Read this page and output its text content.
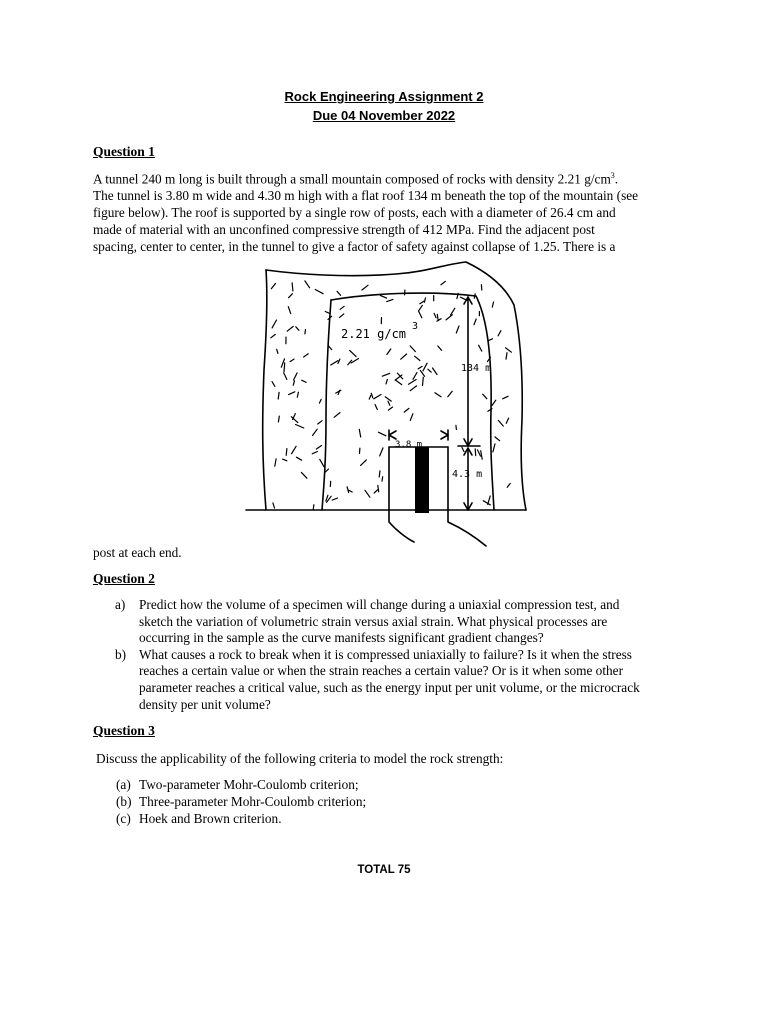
Rock Engineering Assignment 2
Due 04 November 2022
Question 1
A tunnel 240 m long is built through a small mountain composed of rocks with density 2.21 $g/cm^3$.
The tunnel is 3.80 m wide and 4.30 m high with a flat roof 134 m beneath the top of the mountain (see
figure below). The roof is supported by a single row of posts, each with a diameter of 26.4 cm and
made of material with an unconfined compressive strength of 412 MPa. Find the adjacent post
spacing, center to center, in the tunnel to give a factor of safety against collapse of 1.25. There is a
2.21 g/cm
3
134 m
3.8 m
4.3 m
post at each end.
Question 2
a) Predict how the volume of a specimen will change during a uniaxial compression test, and
sketch the variation of volumetric strain versus axial strain. What physical processes are
occurring in the sample as the curve manifests significant gradient changes?
b) What causes a rock to break when it is compressed uniaxially to failure? Is it when the stress
reaches a certain value or when the strain reaches a certain value? Or is it when some other
parameter reaches a critical value, such as the energy input per unit volume, or the microcrack
density per unit volume?
Question 3
Discuss the applicability of the following criteria to model the rock strength:
(a) Two-parameter Mohr-Coulomb criterion;
(b) Three-parameter Mohr-Coulomb criterion;
(c) Hoek and Brown criterion.
TOTAL 75
